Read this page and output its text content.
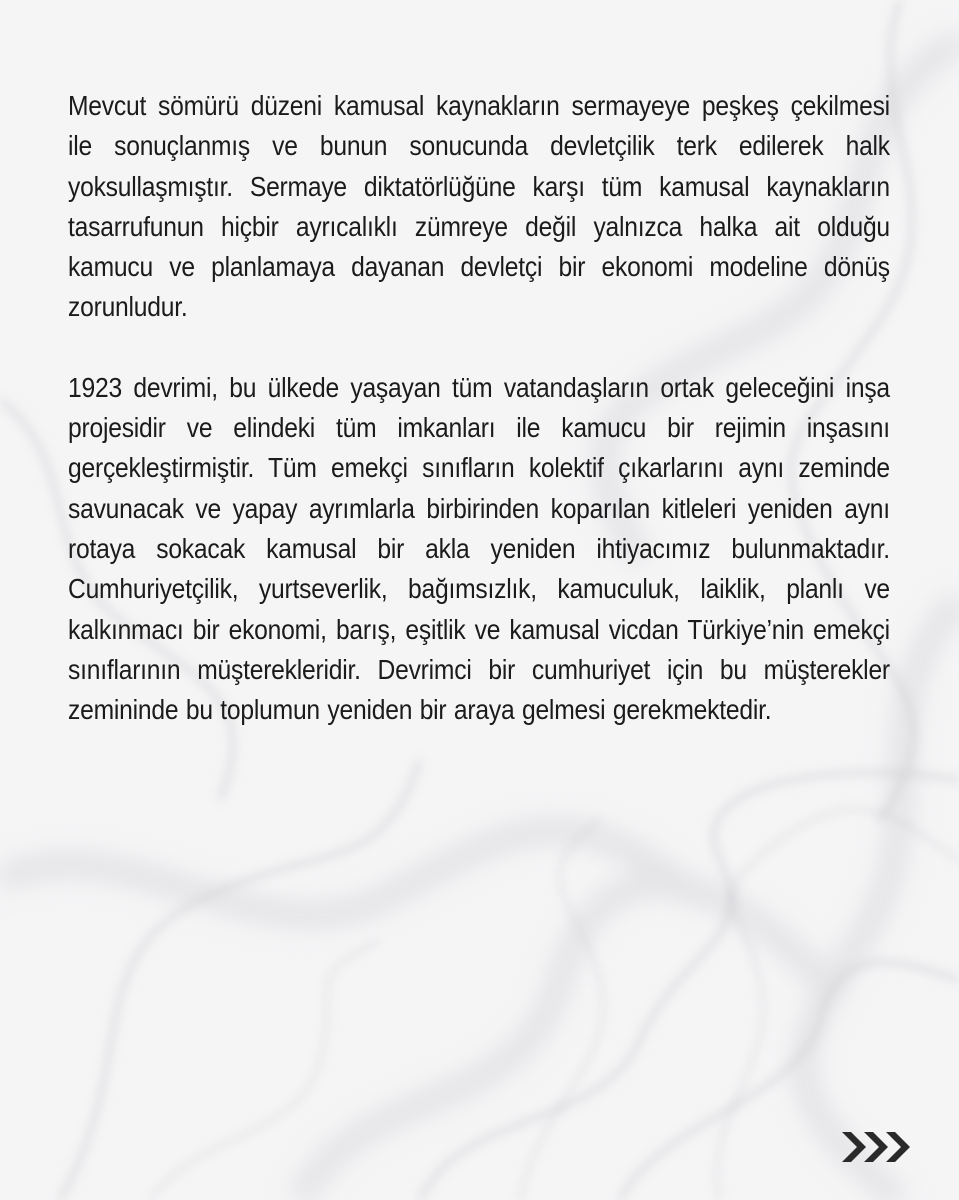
Mevcut sömürü düzeni kamusal kaynakların sermayeye peşkeş çekilmesi ile sonuçlanmış ve bunun sonucunda devletçilik terk edilerek halk yoksullaşmıştır. Sermaye diktatörlüğüne karşı tüm kamusal kaynakların tasarrufunun hiçbir ayrıcalıklı zümreye değil yalnızca halka ait olduğu kamucu ve planlamaya dayanan devletçi bir ekonomi modeline dönüş zorunludur.

1923 devrimi, bu ülkede yaşayan tüm vatandaşların ortak geleceğini inşa projesidir ve elindeki tüm imkanları ile kamucu bir rejimin inşasını gerçekleştirmiştir. Tüm emekçi sınıfların kolektif çıkarlarını aynı zeminde savunacak ve yapay ayrımlarla birbirinden koparılan kitleleri yeniden aynı rotaya sokacak kamusal bir akla yeniden ihtiyacımız bulunmaktadır. Cumhuriyetçilik, yurtseverlik, bağımsızlık, kamuculuk, laiklik, planlı ve kalkınmacı bir ekonomi, barış, eşitlik ve kamusal vicdan Türkiye’nin emekçi sınıflarının müşterekleridir. Devrimci bir cumhuriyet için bu müşterekler zemininde bu toplumun yeniden bir araya gelmesi gerekmektedir.
